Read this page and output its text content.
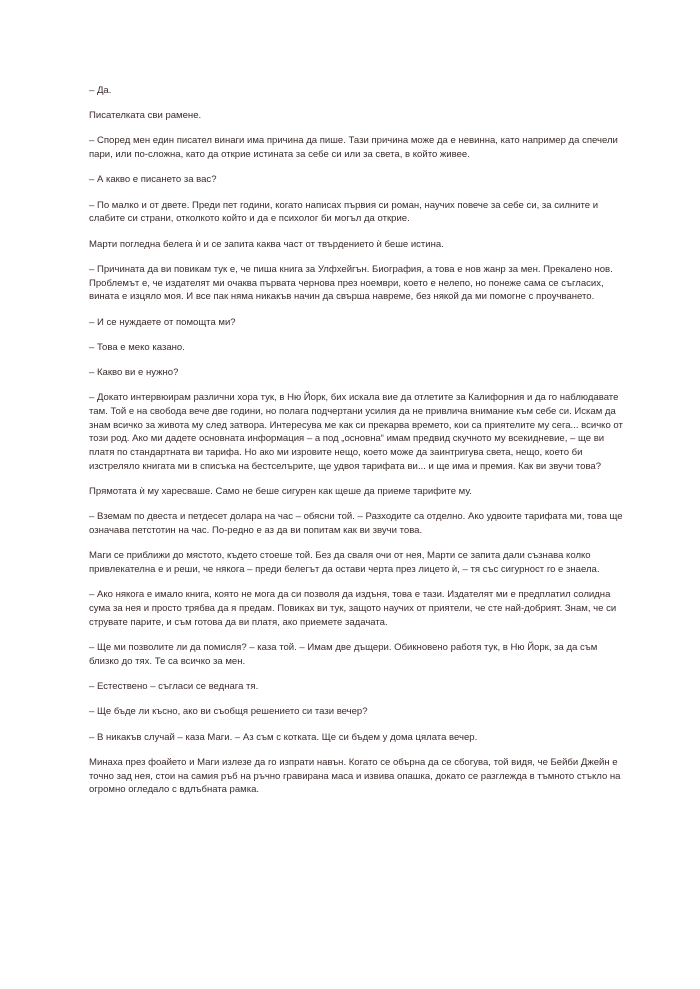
– Да.

Писателката сви рамене.

– Според мен един писател винаги има причина да пише. Тази причина може да е невинна, като например да спечели пари, или по-сложна, като да открие истината за себе си или за света, в който живее.

– А какво е писането за вас?

– По малко и от двете. Преди пет години, когато написах първия си роман, научих повече за себе си, за силните и слабите си страни, отколкото който и да е психолог би могъл да открие.

Марти погледна белега ѝ и се запита каква част от твърдението ѝ беше истина.

– Причината да ви повикам тук е, че пиша книга за Улфхейгън. Биография, а това е нов жанр за мен. Прекалено нов. Проблемът е, че издателят ми очаква първата чернова през ноември, което е нелепо, но понеже сама се съгласих, вината е изцяло моя. И все пак няма никакъв начин да свърша навреме, без някой да ми помогне с проучването.

– И се нуждаете от помощта ми?

– Това е меко казано.

– Какво ви е нужно?

– Докато интервюирам различни хора тук, в Ню Йорк, бих искала вие да отлетите за Калифорния и да го наблюдавате там. Той е на свобода вече две години, но полага подчертани усилия да не привлича внимание към себе си. Искам да знам всичко за живота му след затвора. Интересува ме как си прекарва времето, кои са приятелите му сега... всичко от този род. Ако ми дадете основната информация – а под „основна“ имам предвид скучното му всекидневие, – ще ви платя по стандартната ви тарифа. Но ако ми изровите нещо, което може да заинтригува света, нещо, което би изстреляло книгата ми в списъка на бестселърите, ще удвоя тарифата ви... и ще има и премия. Как ви звучи това?

Прямотата ѝ му харесваше. Само не беше сигурен как щеше да приеме тарифите му.

– Вземам по двеста и петдесет долара на час – обясни той. – Разходите са отделно. Ако удвоите тарифата ми, това ще означава петстотин на час. По-редно е аз да ви попитам как ви звучи това.

Маги се приближи до мястото, където стоеше той. Без да сваля очи от нея, Марти се запита дали съзнава колко привлекателна е и реши, че някога – преди белегът да остави черта през лицето ѝ, – тя със сигурност го е знаела.

– Ако някога е имало книга, която не мога да си позволя да издъня, това е тази. Издателят ми е предплатил солидна сума за нея и просто трябва да я предам. Повиках ви тук, защото научих от приятели, че сте най-добрият. Знам, че си струвате парите, и съм готова да ви платя, ако приемете задачата.

– Ще ми позволите ли да помисля? – каза той. – Имам две дъщери. Обикновено работя тук, в Ню Йорк, за да съм близко до тях. Те са всичко за мен.

– Естествено – съгласи се веднага тя.

– Ще бъде ли късно, ако ви съобщя решението си тази вечер?

– В никакъв случай – каза Маги. – Аз съм с котката. Ще си бъдем у дома цялата вечер.

Минаха през фоайето и Маги излезе да го изпрати навън. Когато се обърна да се сбогува, той видя, че Бейби Джейн е точно зад нея, стои на самия ръб на ръчно гравирана маса и извива опашка, докато се разглежда в тъмното стъкло на огромно огледало с вдлъбната рамка.
